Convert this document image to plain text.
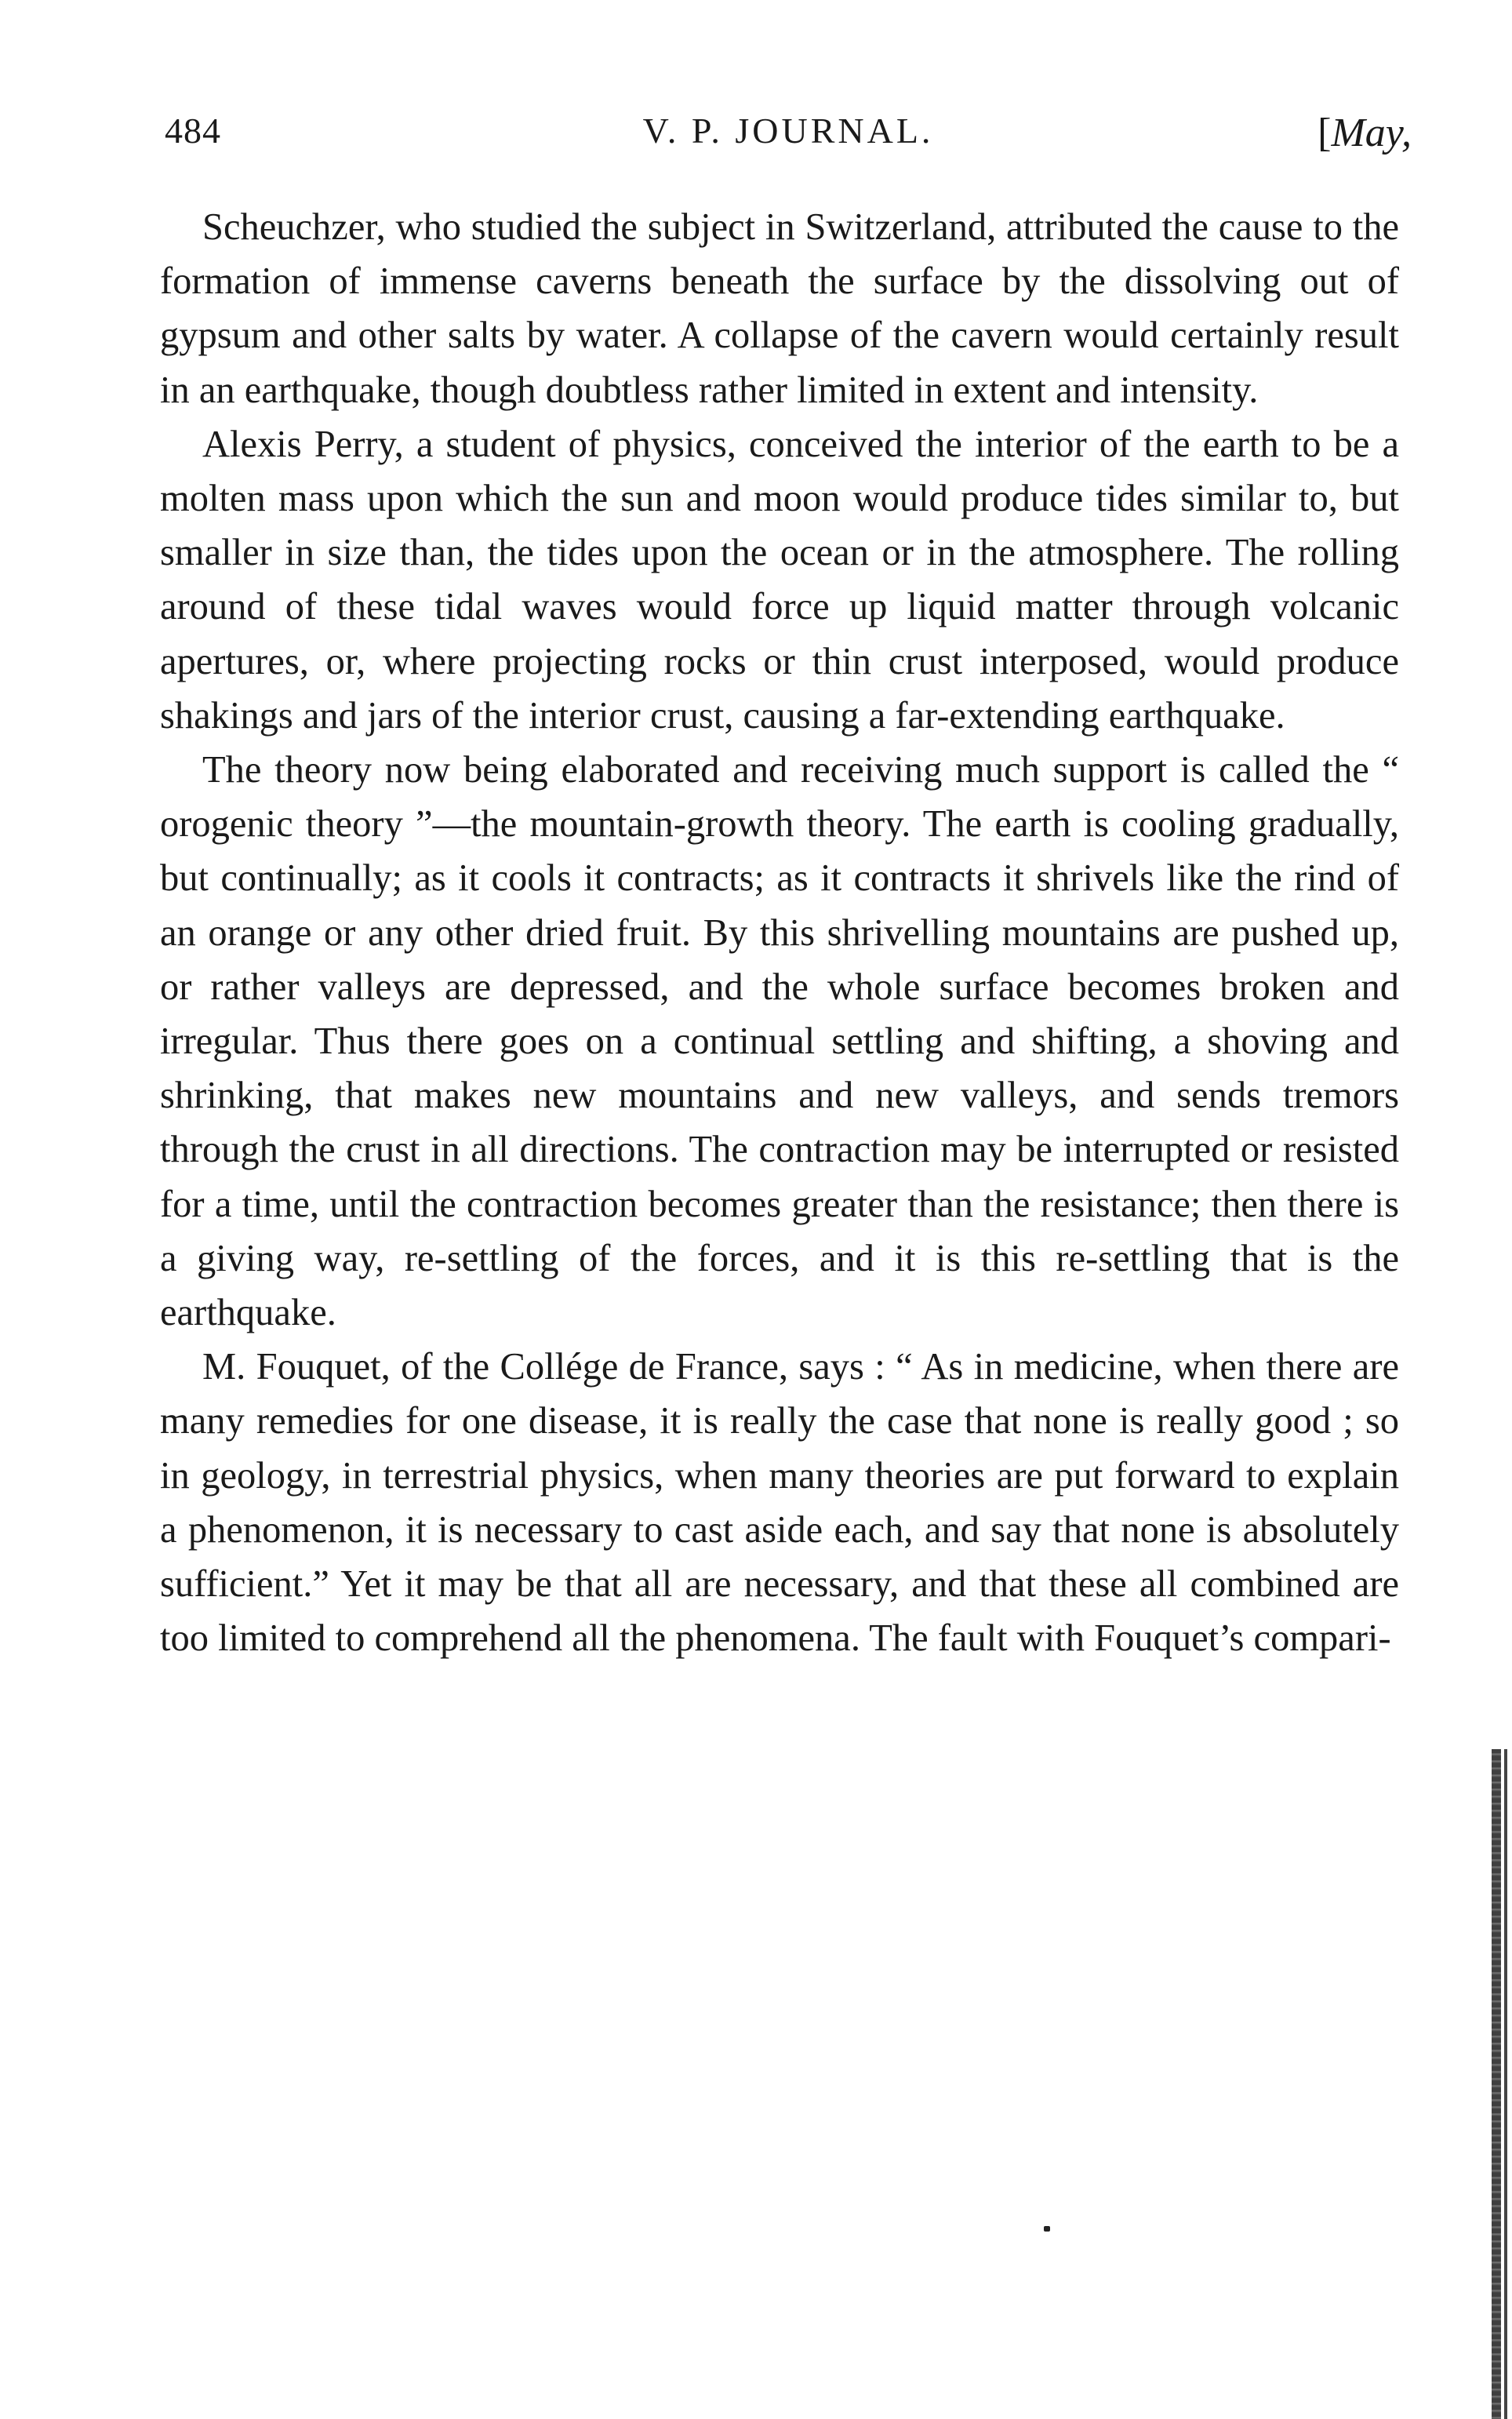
484	V. P. JOURNAL.	[May,

Scheuchzer, who studied the subject in Switzerland, attributed the cause to the formation of immense caverns beneath the surface by the dissolving out of gypsum and other salts by water. A collapse of the cavern would certainly result in an earthquake, though doubtless rather limited in extent and intensity.

Alexis Perry, a student of physics, conceived the interior of the earth to be a molten mass upon which the sun and moon would produce tides similar to, but smaller in size than, the tides upon the ocean or in the atmosphere. The rolling around of these tidal waves would force up liquid matter through volcanic apertures, or, where projecting rocks or thin crust interposed, would produce shakings and jars of the interior crust, causing a far-extending earthquake.

The theory now being elaborated and receiving much support is called the “ orogenic theory ”—the mountain-growth theory. The earth is cooling gradually, but continually; as it cools it contracts; as it contracts it shrivels like the rind of an orange or any other dried fruit. By this shrivelling mountains are pushed up, or rather valleys are depressed, and the whole surface becomes broken and irregular. Thus there goes on a continual settling and shifting, a shoving and shrinking, that makes new mountains and new valleys, and sends tremors through the crust in all directions. The contraction may be interrupted or resisted for a time, until the contraction becomes greater than the resistance; then there is a giving way, re-settling of the forces, and it is this re-settling that is the earthquake.

M. Fouquet, of the Collége de France, says : “ As in medicine, when there are many remedies for one disease, it is really the case that none is really good ; so in geology, in terrestrial physics, when many theories are put forward to explain a phenomenon, it is necessary to cast aside each, and say that none is absolutely sufficient.” Yet it may be that all are necessary, and that these all combined are too limited to comprehend all the phenomena. The fault with Fouquet’s compari-
